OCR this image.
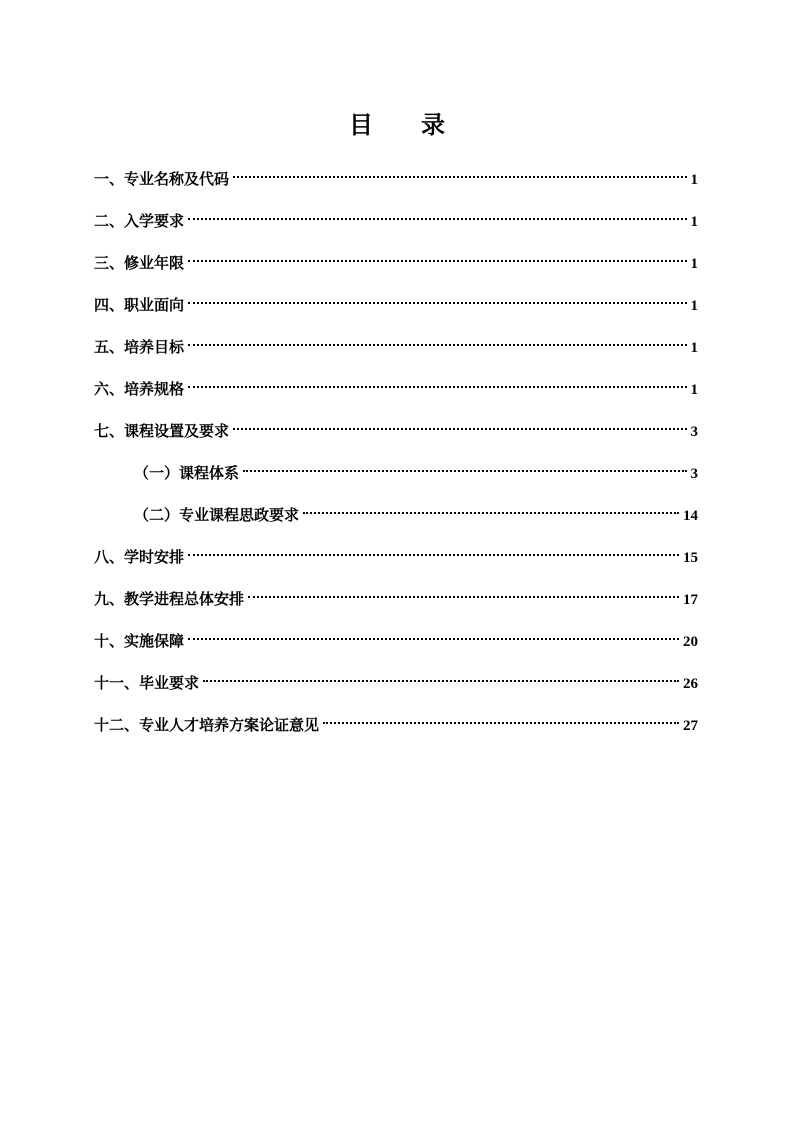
目 录
一、专业名称及代码	1
二、入学要求	1
三、修业年限	1
四、职业面向	1
五、培养目标	1
六、培养规格	1
七、课程设置及要求	3
（一）课程体系	3
（二）专业课程思政要求	14
八、学时安排	15
九、教学进程总体安排	17
十、实施保障	20
十一、毕业要求	26
十二、专业人才培养方案论证意见	27
